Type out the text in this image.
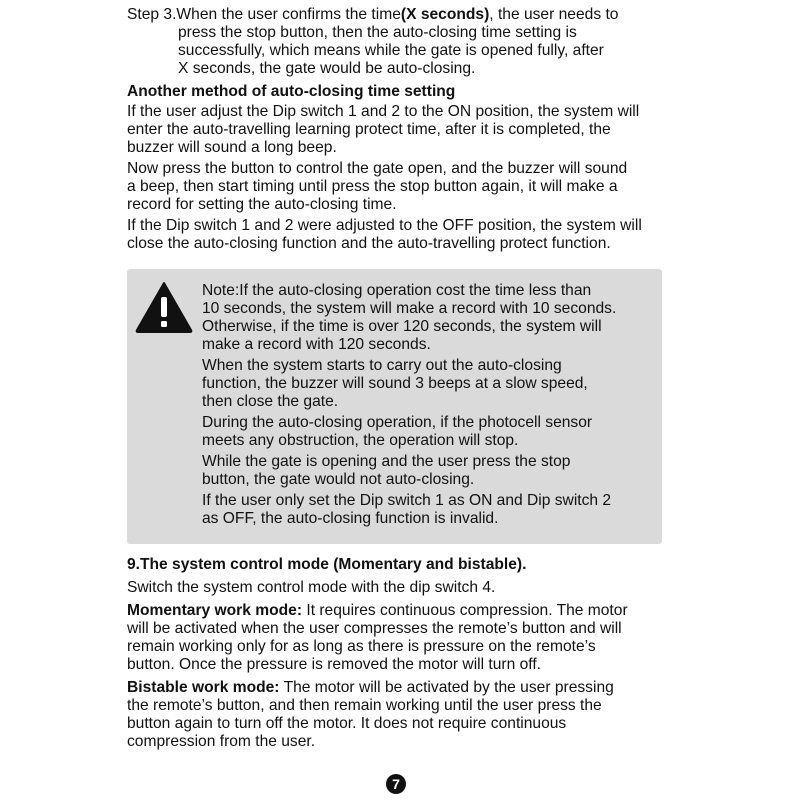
Step 3.When the user confirms the time(X seconds), the user needs to

press the stop button, then the auto-closing time setting is
successfully, which means while the gate is opened fully, after
X seconds, the gate would be auto-closing.

Another method of auto-closing time setting

If the user adjust the Dip switch 1 and 2 to the ON position, the system will
enter the auto-travelling learning protect time, after it is completed, the
buzzer will sound a long beep.

Now press the button to control the gate open, and the buzzer will sound
a beep, then start timing until press the stop button again, it will make a
record for setting the auto-closing time.

If the Dip switch 1 and 2 were adjusted to the OFF position, the system will
close the auto-closing function and the auto-travelling protect function.

Note:If the auto-closing operation cost the time less than
10 seconds, the system will make a record with 10 seconds.
Otherwise, if the time is over 120 seconds, the system will
make a record with 120 seconds.

When the system starts to carry out the auto-closing
function, the buzzer will sound 3 beeps at a slow speed,
then close the gate.

During the auto-closing operation, if the photocell sensor
meets any obstruction, the operation will stop.

While the gate is opening and the user press the stop
button, the gate would not auto-closing.

If the user only set the Dip switch 1 as ON and Dip switch 2
as OFF, the auto-closing function is invalid.

9.The system control mode (Momentary and bistable).

Switch the system control mode with the dip switch 4.

Momentary work mode: It requires continuous compression. The motor
will be activated when the user compresses the remote’s button and will
remain working only for as long as there is pressure on the remote’s
button. Once the pressure is removed the motor will turn off.

Bistable work mode: The motor will be activated by the user pressing
the remote’s button, and then remain working until the user press the
button again to turn off the motor. It does not require continuous
compression from the user.

7
